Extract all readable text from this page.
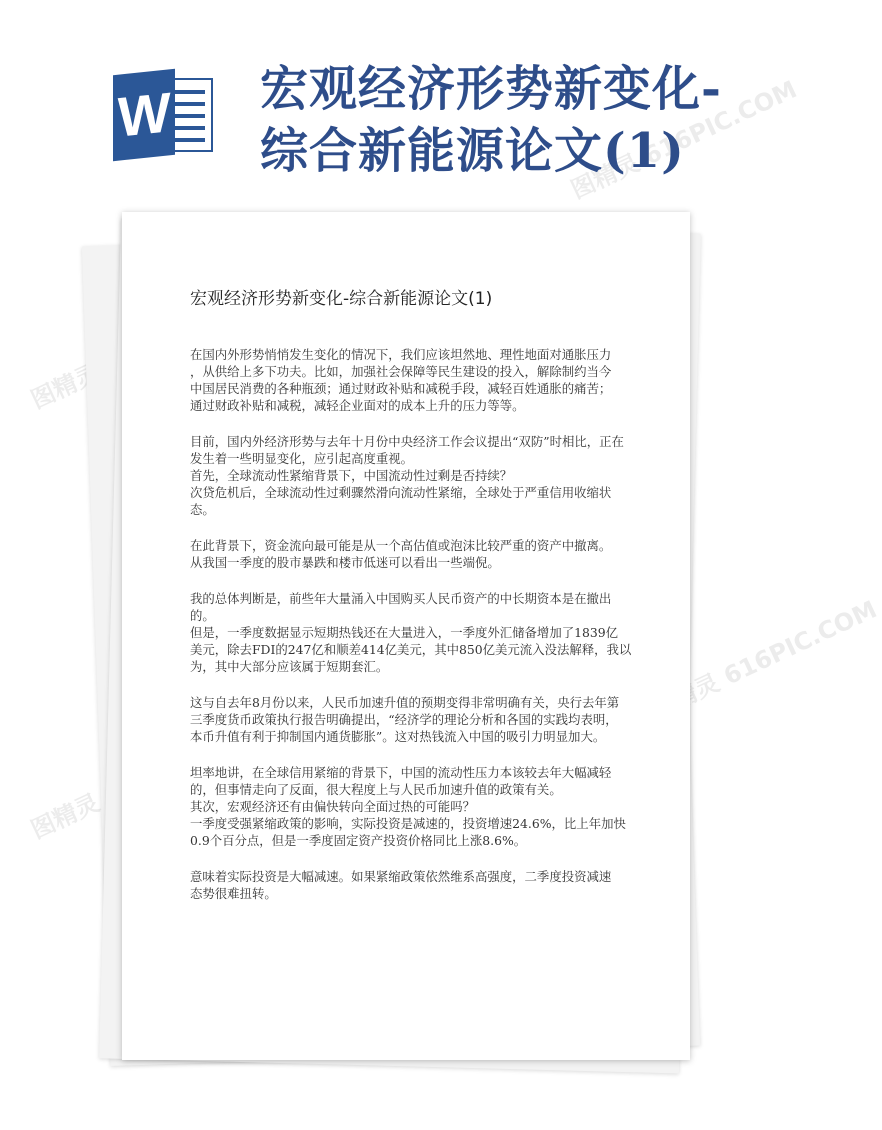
图精灵
图精灵 616PIC.COM
图精灵 616PIC.COM
图精灵
W 宏观经济形势新变化-
综合新能源论文(1)
宏观经济形势新变化-综合新能源论文(1)
在国内外形势悄悄发生变化的情况下，我们应该坦然地、理性地面对通胀压力
，从供给上多下功夫。比如，加强社会保障等民生建设的投入，解除制约当今
中国居民消费的各种瓶颈；通过财政补贴和减税手段，减轻百姓通胀的痛苦；
通过财政补贴和减税，减轻企业面对的成本上升的压力等等。
目前，国内外经济形势与去年十月份中央经济工作会议提出“双防”时相比，正在
发生着一些明显变化，应引起高度重视。
首先，全球流动性紧缩背景下，中国流动性过剩是否持续？
次贷危机后，全球流动性过剩骤然滑向流动性紧缩，全球处于严重信用收缩状
态。
在此背景下，资金流向最可能是从一个高估值或泡沫比较严重的资产中撤离。
从我国一季度的股市暴跌和楼市低迷可以看出一些端倪。
我的总体判断是，前些年大量涌入中国购买人民币资产的中长期资本是在撤出
的。
但是，一季度数据显示短期热钱还在大量进入，一季度外汇储备增加了1839亿
美元，除去FDI的247亿和顺差414亿美元，其中850亿美元流入没法解释，我以
为，其中大部分应该属于短期套汇。
这与自去年8月份以来，人民币加速升值的预期变得非常明确有关，央行去年第
三季度货币政策执行报告明确提出，“经济学的理论分析和各国的实践均表明，
本币升值有利于抑制国内通货膨胀”。这对热钱流入中国的吸引力明显加大。
坦率地讲，在全球信用紧缩的背景下，中国的流动性压力本该较去年大幅减轻
的，但事情走向了反面，很大程度上与人民币加速升值的政策有关。
其次，宏观经济还有由偏快转向全面过热的可能吗？
一季度受强紧缩政策的影响，实际投资是减速的，投资增速24.6%，比上年加快
0.9个百分点，但是一季度固定资产投资价格同比上涨8.6%。
意味着实际投资是大幅减速。如果紧缩政策依然维系高强度，二季度投资减速
态势很难扭转。
